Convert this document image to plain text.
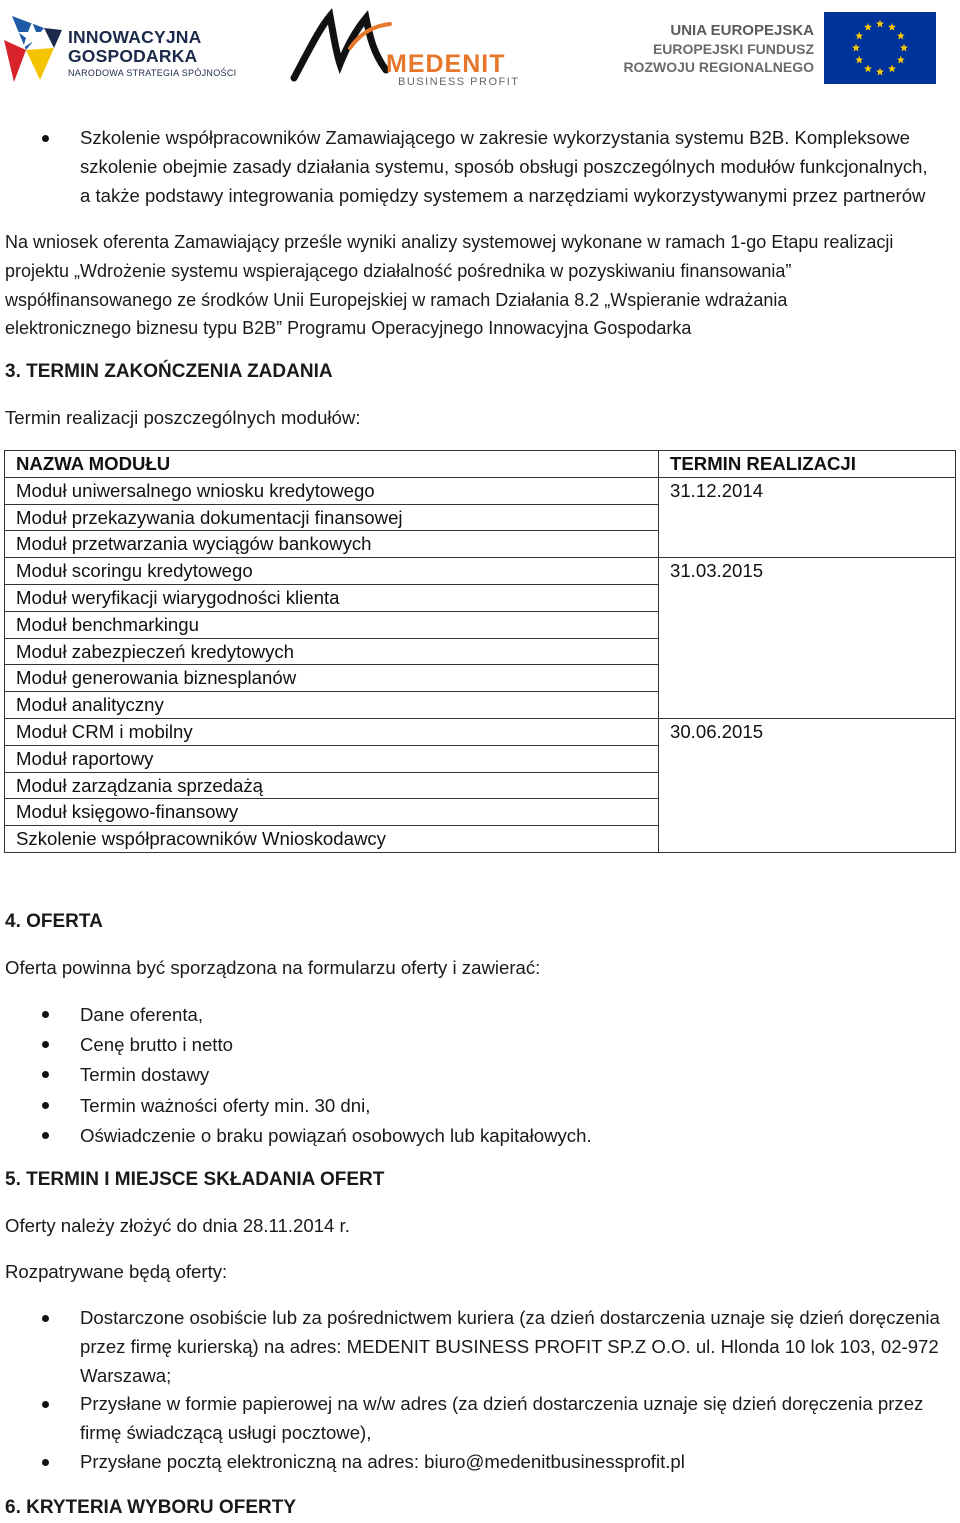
INNOWACYJNA
GOSPODARKA
NARODOWA STRATEGIA SPÓJNOŚCI	MEDENIT
BUSINESS PROFIT
UNIA EUROPEJSKA
EUROPEJSKI FUNDUSZ
ROZWOJU REGIONALNEGO
Szkolenie współpracowników Zamawiającego w zakresie wykorzystania systemu B2B. Kompleksowe
szkolenie obejmie zasady działania systemu, sposób obsługi poszczególnych modułów funkcjonalnych,
a także podstawy integrowania pomiędzy systemem a narzędziami wykorzystywanymi przez partnerów
Na wniosek oferenta Zamawiający prześle wyniki analizy systemowej wykonane w ramach 1-go Etapu realizacji
projektu „Wdrożenie systemu wspierającego działalność pośrednika w pozyskiwaniu finansowania”
współfinansowanego ze środków Unii Europejskiej w ramach Działania 8.2 „Wspieranie wdrażania
elektronicznego biznesu typu B2B” Programu Operacyjnego Innowacyjna Gospodarka
3. TERMIN ZAKOŃCZENIA ZADANIA
Termin realizacji poszczególnych modułów:
NAZWA MODUŁU	TERMIN REALIZACJI
Moduł uniwersalnego wniosku kredytowego	31.12.2014
Moduł przekazywania dokumentacji finansowej	
Moduł przetwarzania wyciągów bankowych	
Moduł scoringu kredytowego	31.03.2015
Moduł weryfikacji wiarygodności klienta	
Moduł benchmarkingu	
Moduł zabezpieczeń kredytowych	
Moduł generowania biznesplanów	
Moduł analityczny	
Moduł CRM i mobilny	30.06.2015
Moduł raportowy	
Moduł zarządzania sprzedażą	
Moduł księgowo-finansowy	
Szkolenie współpracowników Wnioskodawcy	
4. OFERTA
Oferta powinna być sporządzona na formularzu oferty i zawierać:
Dane oferenta,
Cenę brutto i netto
Termin dostawy
Termin ważności oferty min. 30 dni,
Oświadczenie o braku powiązań osobowych lub kapitałowych.
5. TERMIN I MIEJSCE SKŁADANIA OFERT
Oferty należy złożyć do dnia 28.11.2014 r.
Rozpatrywane będą oferty:
Dostarczone osobiście lub za pośrednictwem kuriera (za dzień dostarczenia uznaje się dzień doręczenia
przez firmę kurierską) na adres: MEDENIT BUSINESS PROFIT SP.Z O.O. ul. Hlonda 10 lok 103, 02-972
Warszawa;
Przysłane w formie papierowej na w/w adres (za dzień dostarczenia uznaje się dzień doręczenia przez
firmę świadczącą usługi pocztowe),
Przysłane pocztą elektroniczną na adres: biuro@medenitbusinessprofit.pl
6. KRYTERIA WYBORU OFERTY
